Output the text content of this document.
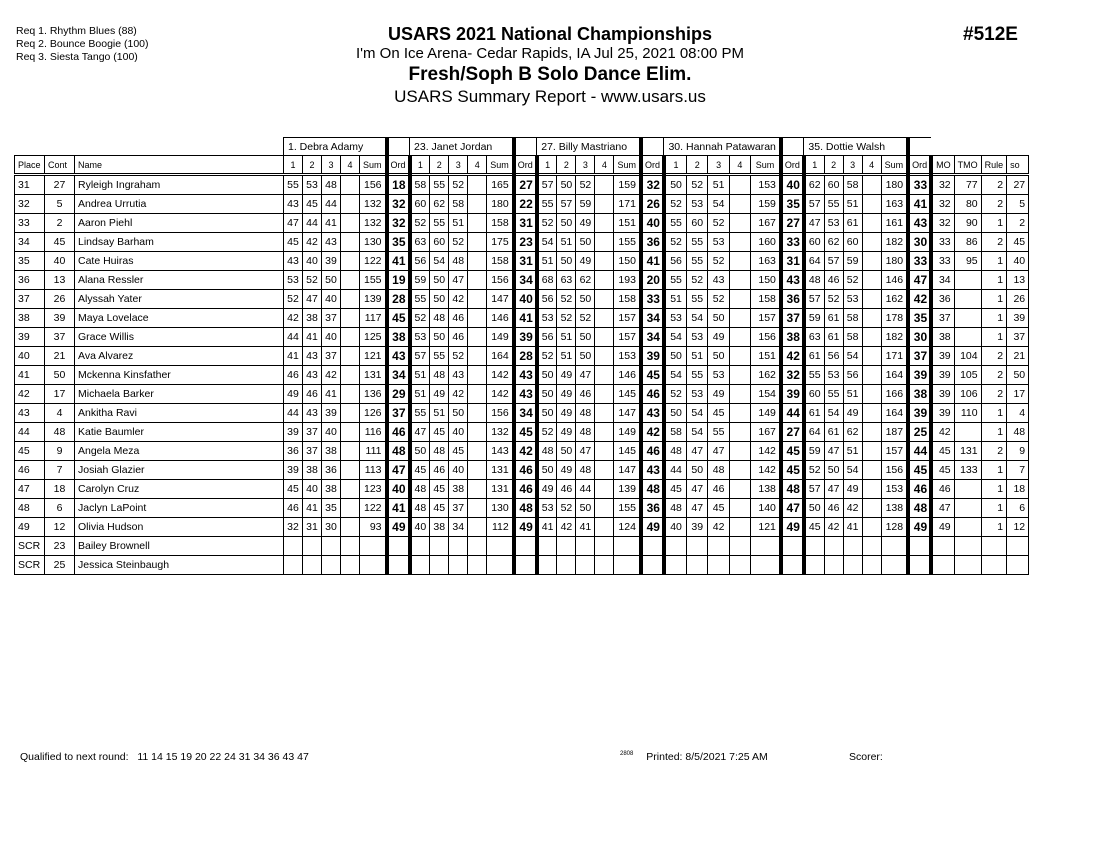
Req 1. Rhythm Blues (88)
Req 2. Bounce Boogie (100)
Req 3. Siesta Tango (100)
USARS 2021 National Championships
I'm On Ice Arena- Cedar Rapids, IA Jul 25, 2021 08:00 PM
Fresh/Soph B Solo Dance Elim.
USARS Summary Report - www.usars.us
#512E
			1. Debra Adamy						23. Janet Jordan						27. Billy Mastriano						30. Hannah Patawaran						35. Dottie Walsh									
Place	Cont	Name	1	2	3	4	Sum	Ord	1	2	3	4	Sum	Ord	1	2	3	4	Sum	Ord	1	2	3	4	Sum	Ord	1	2	3	4	Sum	Ord	MO	TMO	Rule	so
31	27	Ryleigh Ingraham	55	53	48		156	18	58	55	52		165	27	57	50	52		159	32	50	52	51		153	40	62	60	58		180	33	32	77	2	27
32	5	Andrea Urrutia	43	45	44		132	32	60	62	58		180	22	55	57	59		171	26	52	53	54		159	35	57	55	51		163	41	32	80	2	5
33	2	Aaron Piehl	47	44	41		132	32	52	55	51		158	31	52	50	49		151	40	55	60	52		167	27	47	53	61		161	43	32	90	1	2
34	45	Lindsay Barham	45	42	43		130	35	63	60	52		175	23	54	51	50		155	36	52	55	53		160	33	60	62	60		182	30	33	86	2	45
35	40	Cate Huiras	43	40	39		122	41	56	54	48		158	31	51	50	49		150	41	56	55	52		163	31	64	57	59		180	33	33	95	1	40
36	13	Alana Ressler	53	52	50		155	19	59	50	47		156	34	68	63	62		193	20	55	52	43		150	43	48	46	52		146	47	34		1	13
37	26	Alyssah Yater	52	47	40		139	28	55	50	42		147	40	56	52	50		158	33	51	55	52		158	36	57	52	53		162	42	36		1	26
38	39	Maya Lovelace	42	38	37		117	45	52	48	46		146	41	53	52	52		157	34	53	54	50		157	37	59	61	58		178	35	37		1	39
39	37	Grace Willis	44	41	40		125	38	53	50	46		149	39	56	51	50		157	34	54	53	49		156	38	63	61	58		182	30	38		1	37
40	21	Ava Alvarez	41	43	37		121	43	57	55	52		164	28	52	51	50		153	39	50	51	50		151	42	61	56	54		171	37	39	104	2	21
41	50	Mckenna Kinsfather	46	43	42		131	34	51	48	43		142	43	50	49	47		146	45	54	55	53		162	32	55	53	56		164	39	39	105	2	50
42	17	Michaela Barker	49	46	41		136	29	51	49	42		142	43	50	49	46		145	46	52	53	49		154	39	60	55	51		166	38	39	106	2	17
43	4	Ankitha Ravi	44	43	39		126	37	55	51	50		156	34	50	49	48		147	43	50	54	45		149	44	61	54	49		164	39	39	110	1	4
44	48	Katie Baumler	39	37	40		116	46	47	45	40		132	45	52	49	48		149	42	58	54	55		167	27	64	61	62		187	25	42		1	48
45	9	Angela Meza	36	37	38		111	48	50	48	45		143	42	48	50	47		145	46	48	47	47		142	45	59	47	51		157	44	45	131	2	9
46	7	Josiah Glazier	39	38	36		113	47	45	46	40		131	46	50	49	48		147	43	44	50	48		142	45	52	50	54		156	45	45	133	1	7
47	18	Carolyn Cruz	45	40	38		123	40	48	45	38		131	46	49	46	44		139	48	45	47	46		138	48	57	47	49		153	46	46		1	18
48	6	Jaclyn LaPoint	46	41	35		122	41	48	45	37		130	48	53	52	50		155	36	48	47	45		140	47	50	46	42		138	48	47		1	6
49	12	Olivia Hudson	32	31	30		93	49	40	38	34		112	49	41	42	41		124	49	40	39	42		121	49	45	42	41		128	49	49		1	12
SCR	23	Bailey Brownell																																		
SCR	25	Jessica Steinbaugh																																		
Qualified to next round: 11 14 15 19 20 22 24 31 34 36 43 47	$^{2808}$ Printed: 8/5/2021 7:25 AM	Scorer:
